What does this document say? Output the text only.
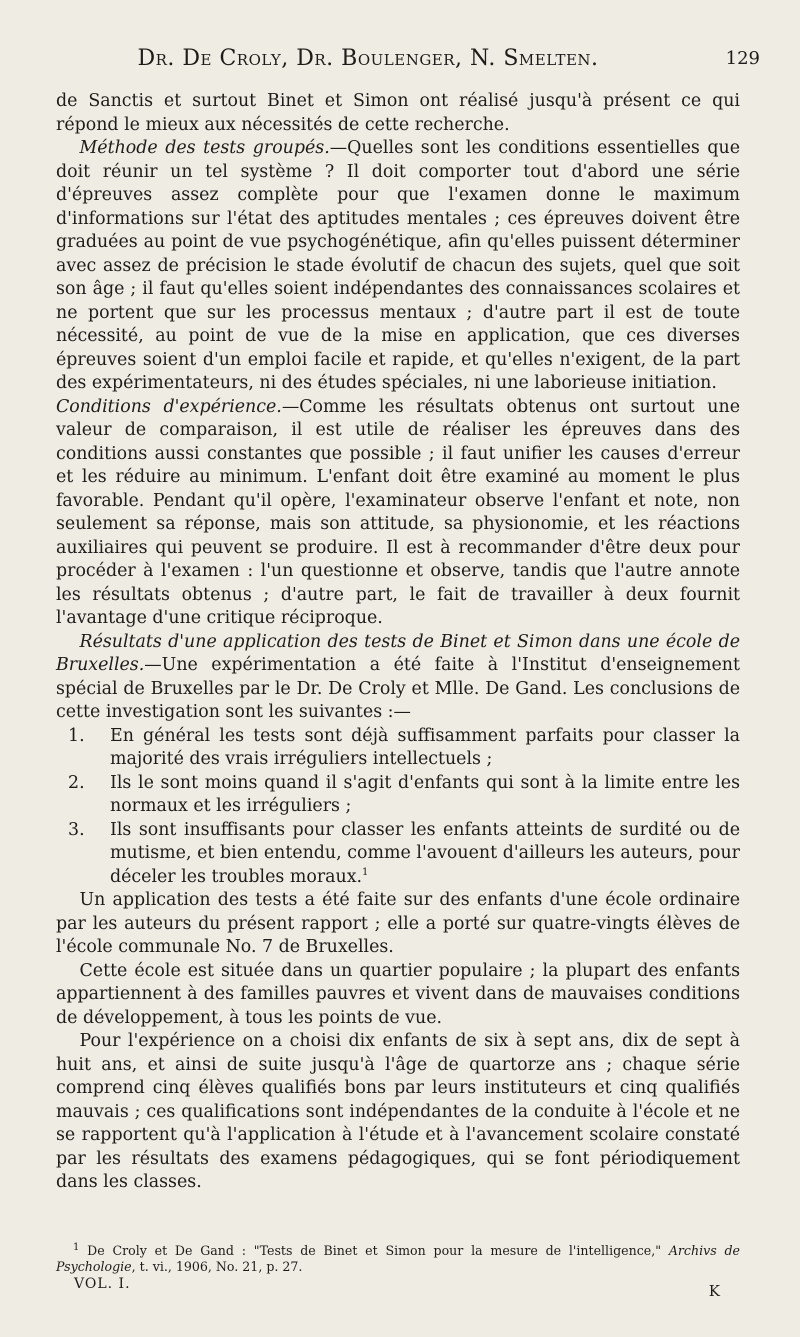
Dr. De Croly, Dr. Boulenger, N. Smelten.	129

de Sanctis et surtout Binet et Simon ont réalisé jusqu'à présent ce qui répond le mieux aux nécessités de cette recherche.

Méthode des tests groupés.—Quelles sont les conditions essentielles que doit réunir un tel système ? Il doit comporter tout d'abord une série d'épreuves assez complète pour que l'examen donne le maximum d'informations sur l'état des aptitudes mentales ; ces épreuves doivent être graduées au point de vue psychogénétique, afin qu'elles puissent déterminer avec assez de précision le stade évolutif de chacun des sujets, quel que soit son âge ; il faut qu'elles soient indépendantes des connaissances scolaires et ne portent que sur les processus mentaux ; d'autre part il est de toute nécessité, au point de vue de la mise en application, que ces diverses épreuves soient d'un emploi facile et rapide, et qu'elles n'exigent, de la part des expérimentateurs, ni des études spéciales, ni une laborieuse initiation.

Conditions d'expérience.—Comme les résultats obtenus ont surtout une valeur de comparaison, il est utile de réaliser les épreuves dans des conditions aussi constantes que possible ; il faut unifier les causes d'erreur et les réduire au minimum. L'enfant doit être examiné au moment le plus favorable. Pendant qu'il opère, l'examinateur observe l'enfant et note, non seulement sa réponse, mais son attitude, sa physionomie, et les réactions auxiliaires qui peuvent se produire. Il est à recommander d'être deux pour procéder à l'examen : l'un questionne et observe, tandis que l'autre annote les résultats obtenus ; d'autre part, le fait de travailler à deux fournit l'avantage d'une critique réciproque.

Résultats d'une application des tests de Binet et Simon dans une école de Bruxelles.—Une expérimentation a été faite à l'Institut d'enseignement spécial de Bruxelles par le Dr. De Croly et Mlle. De Gand. Les conclusions de cette investigation sont les suivantes :—

1. En général les tests sont déjà suffisamment parfaits pour classer la majorité des vrais irréguliers intellectuels ;
2. Ils le sont moins quand il s'agit d'enfants qui sont à la limite entre les normaux et les irréguliers ;
3. Ils sont insuffisants pour classer les enfants atteints de surdité ou de mutisme, et bien entendu, comme l'avouent d'ailleurs les auteurs, pour déceler les troubles moraux.$^1$

Un application des tests a été faite sur des enfants d'une école ordinaire par les auteurs du présent rapport ; elle a porté sur quatre-vingts élèves de l'école communale No. 7 de Bruxelles.

Cette école est située dans un quartier populaire ; la plupart des enfants appartiennent à des familles pauvres et vivent dans de mauvaises conditions de développement, à tous les points de vue.

Pour l'expérience on a choisi dix enfants de six à sept ans, dix de sept à huit ans, et ainsi de suite jusqu'à l'âge de quartorze ans ; chaque série comprend cinq élèves qualifiés bons par leurs instituteurs et cinq qualifiés mauvais ; ces qualifications sont indépendantes de la conduite à l'école et ne se rapportent qu'à l'application à l'étude et à l'avancement scolaire constaté par les résultats des examens pédagogiques, qui se font périodiquement dans les classes.

$^1$ De Croly et De Gand : "Tests de Binet et Simon pour la mesure de l'intelligence," Archivs de Psychologie, t. vi., 1906, No. 21, p. 27.

VOL. I.	K
